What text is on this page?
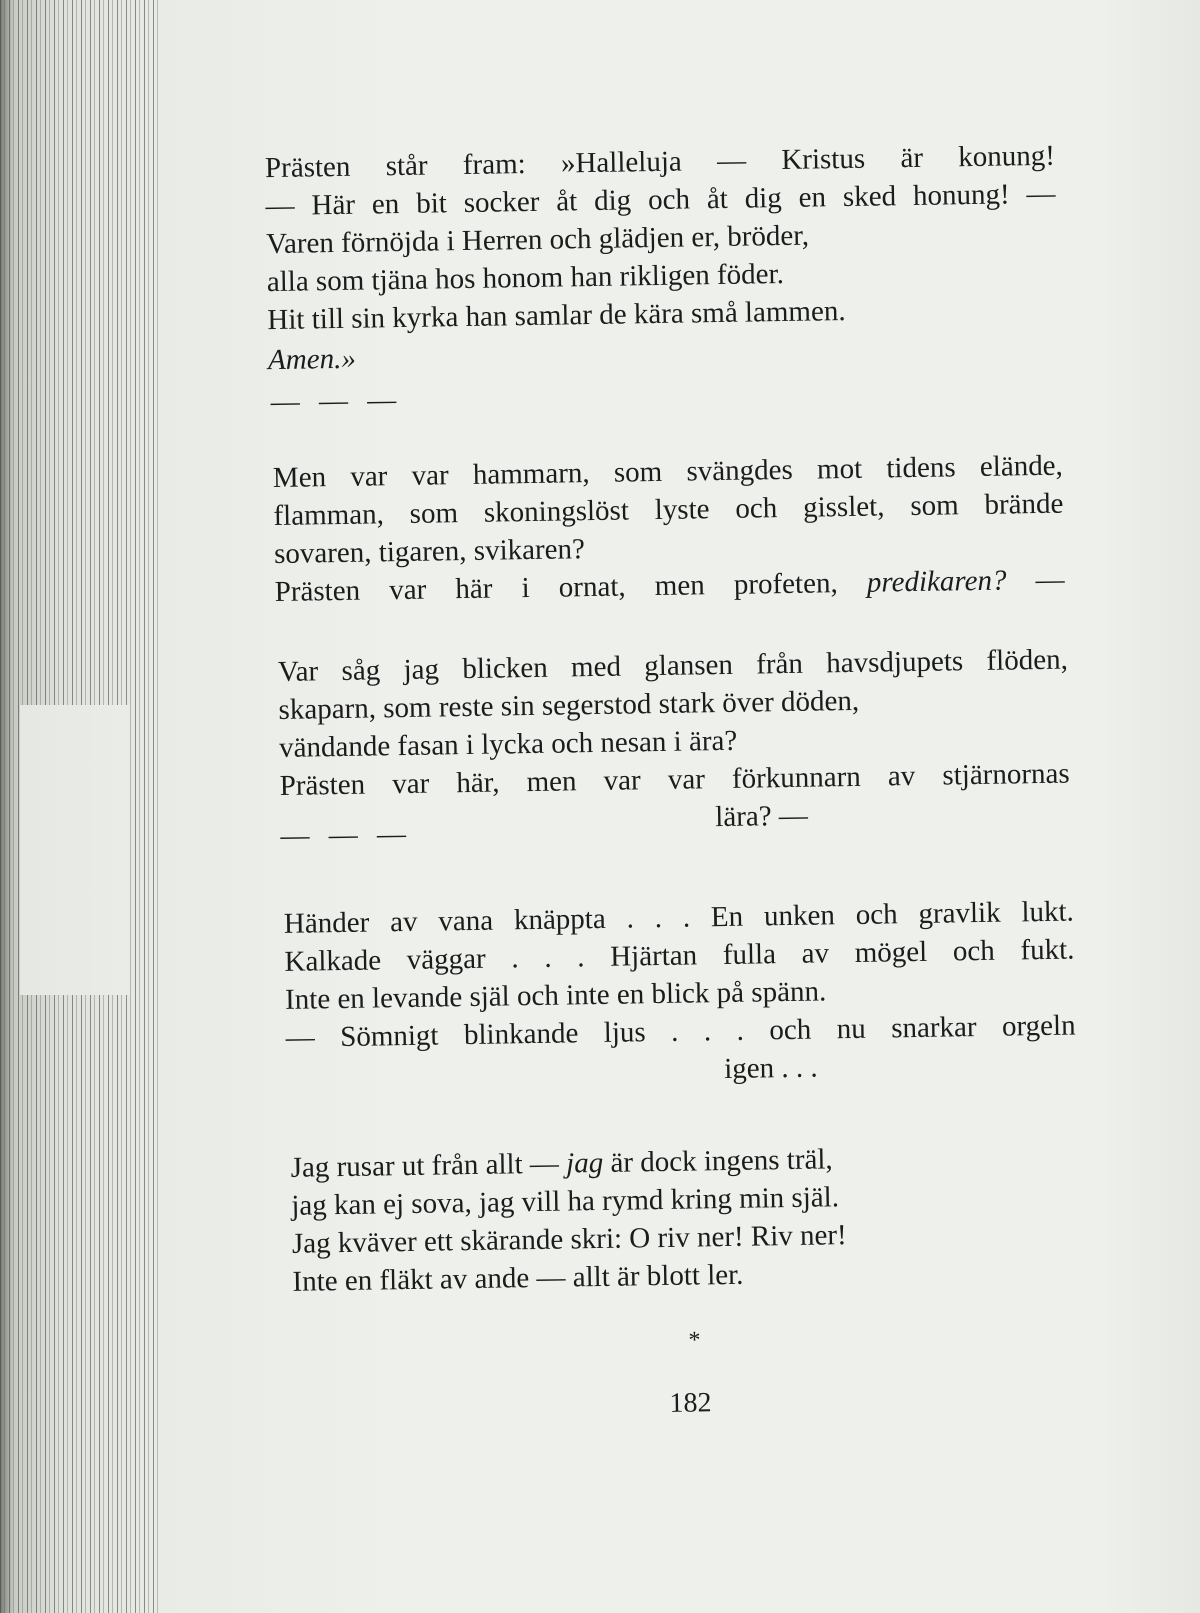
Prästen står fram: »Halleluja — Kristus är konung!
— Här en bit socker åt dig och åt dig en sked honung! —
Varen förnöjda i Herren och glädjen er, bröder,
alla som tjäna hos honom han rikligen föder.
Hit till sin kyrka han samlar de kära små lammen.
Amen.»
— — —
Men var var hammarn, som svängdes mot tidens elände,
flamman, som skoningslöst lyste och gisslet, som brände
sovaren, tigaren, svikaren?
Prästen var här i ornat, men profeten, predikaren? —
Var såg jag blicken med glansen från havsdjupets flöden,
skaparn, som reste sin segerstod stark över döden,
vändande fasan i lycka och nesan i ära?
Prästen var här, men var var förkunnarn av stjärnornas
lära? —
— — —
Händer av vana knäppta . . . En unken och gravlik lukt.
Kalkade väggar . . . Hjärtan fulla av mögel och fukt.
Inte en levande själ och inte en blick på spänn.
— Sömnigt blinkande ljus . . . och nu snarkar orgeln
igen . . .
Jag rusar ut från allt — jag är dock ingens träl,
jag kan ej sova, jag vill ha rymd kring min själ.
Jag kväver ett skärande skri: O riv ner! Riv ner!
Inte en fläkt av ande — allt är blott ler.
*
182
